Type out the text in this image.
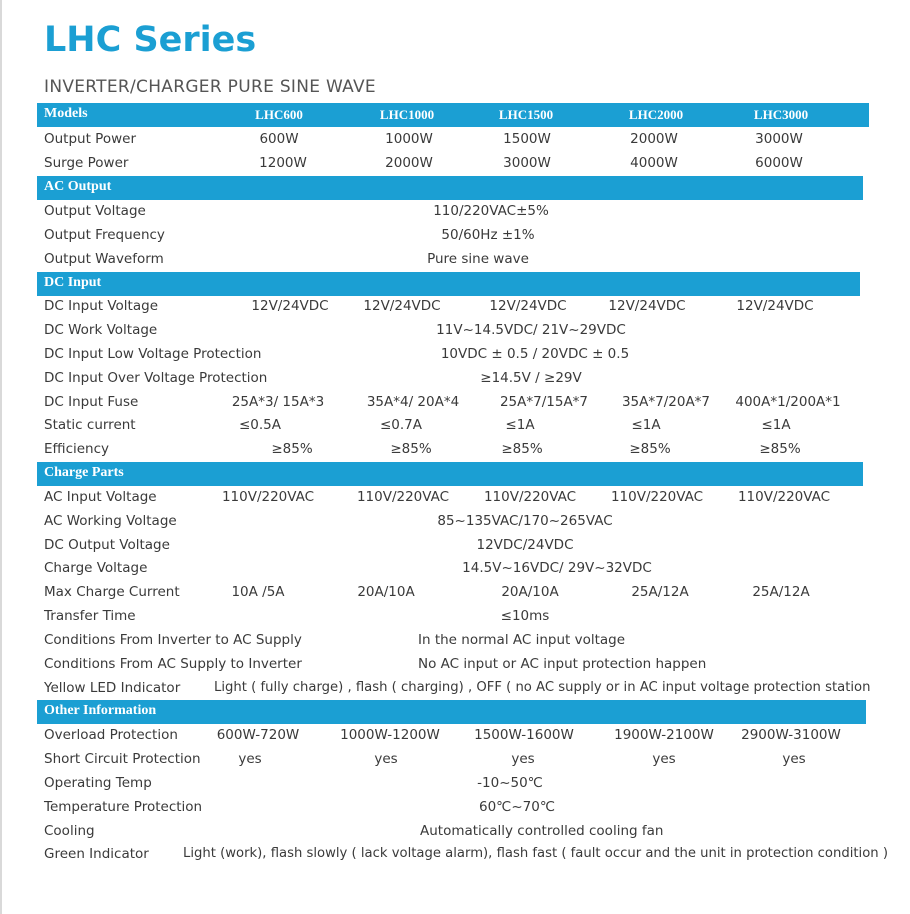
LHC Series
INVERTER/CHARGER PURE SINE WAVE
Models	LHC600	LHC1000	LHC1500	LHC2000	LHC3000
Output Power	600W	1000W	1500W	2000W	3000W
Surge Power	1200W	2000W	3000W	4000W	6000W
AC Output
Output Voltage	110/220VAC±5%
Output Frequency	50/60Hz ±1%
Output Waveform	Pure sine wave
DC Input
DC Input Voltage	12V/24VDC	12V/24VDC	12V/24VDC	12V/24VDC	12V/24VDC
DC Work Voltage	11V~14.5VDC/ 21V~29VDC
DC Input Low Voltage Protection	10VDC ± 0.5 / 20VDC ± 0.5
DC Input Over Voltage Protection	≥14.5V / ≥29V
DC Input Fuse	25A*3/ 15A*3	35A*4/ 20A*4	25A*7/15A*7	35A*7/20A*7	400A*1/200A*1
Static current	≤0.5A	≤0.7A	≤1A	≤1A	≤1A
Efficiency	≥85%	≥85%	≥85%	≥85%	≥85%
Charge Parts
AC Input Voltage	110V/220VAC	110V/220VAC	110V/220VAC	110V/220VAC	110V/220VAC
AC Working Voltage	85~135VAC/170~265VAC
DC Output Voltage	12VDC/24VDC
Charge Voltage	14.5V~16VDC/ 29V~32VDC
Max Charge Current	10A /5A	20A/10A	20A/10A	25A/12A	25A/12A
Transfer Time	≤10ms
Conditions From Inverter to AC Supply	In the normal AC input voltage
Conditions From AC Supply to Inverter	No AC input or AC input protection happen
Yellow LED Indicator	Light ( fully charge) , flash ( charging) , OFF ( no AC supply or in AC input voltage protection station
Other Information
Overload Protection	600W-720W	1000W-1200W	1500W-1600W	1900W-2100W	2900W-3100W
Short Circuit Protection	yes	yes	yes	yes	yes
Operating Temp	-10~50℃
Temperature Protection	60℃~70℃
Cooling	Automatically controlled cooling fan
Green Indicator	Light (work), flash slowly ( lack voltage alarm), flash fast ( fault occur and the unit in protection condition )
